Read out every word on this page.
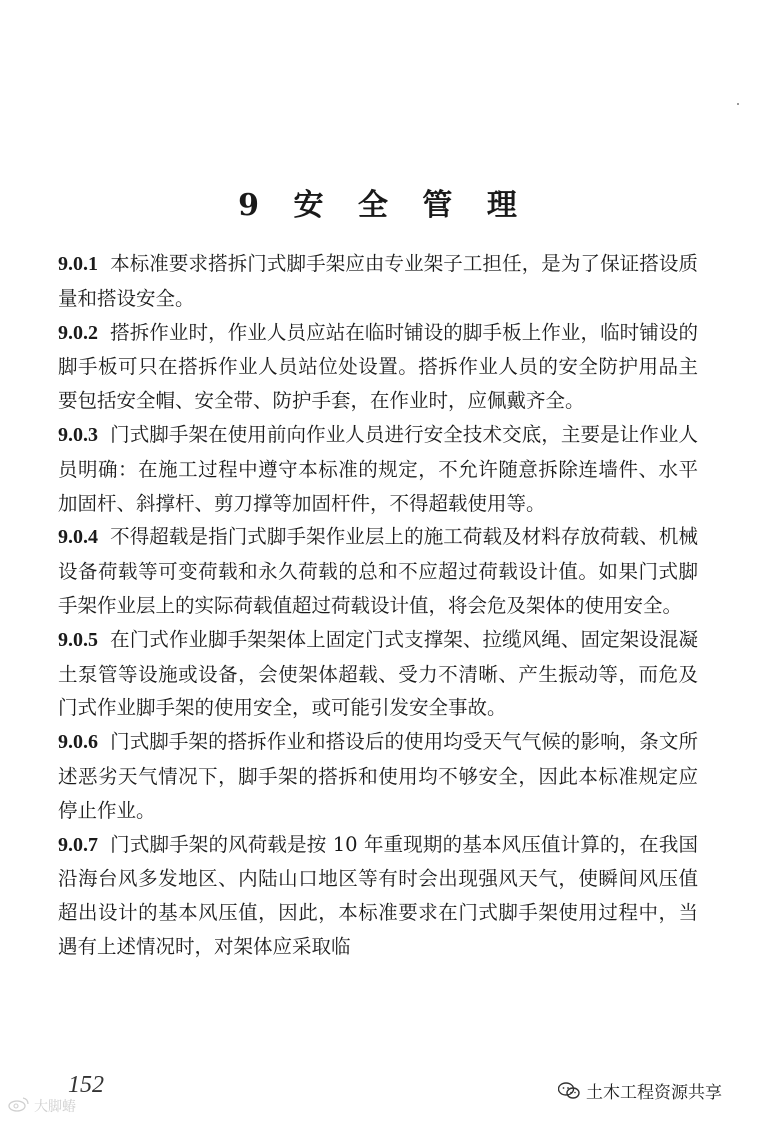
9 安 全 管 理

9.0.1 本标准要求搭拆门式脚手架应由专业架子工担任，是为了保证搭设质量和搭设安全。

9.0.2 搭拆作业时，作业人员应站在临时铺设的脚手板上作业，临时铺设的脚手板可只在搭拆作业人员站位处设置。搭拆作业人员的安全防护用品主要包括安全帽、安全带、防护手套，在作业时，应佩戴齐全。

9.0.3 门式脚手架在使用前向作业人员进行安全技术交底，主要是让作业人员明确：在施工过程中遵守本标准的规定，不允许随意拆除连墙件、水平加固杆、斜撑杆、剪刀撑等加固杆件，不得超载使用等。

9.0.4 不得超载是指门式脚手架作业层上的施工荷载及材料存放荷载、机械设备荷载等可变荷载和永久荷载的总和不应超过荷载设计值。如果门式脚手架作业层上的实际荷载值超过荷载设计值，将会危及架体的使用安全。

9.0.5 在门式作业脚手架架体上固定门式支撑架、拉缆风绳、固定架设混凝土泵管等设施或设备，会使架体超载、受力不清晰、产生振动等，而危及门式作业脚手架的使用安全，或可能引发安全事故。

9.0.6 门式脚手架的搭拆作业和搭设后的使用均受天气气候的影响，条文所述恶劣天气情况下，脚手架的搭拆和使用均不够安全，因此本标准规定应停止作业。

9.0.7 门式脚手架的风荷载是按 10 年重现期的基本风压值计算的，在我国沿海台风多发地区、内陆山口地区等有时会出现强风天气，使瞬间风压值超出设计的基本风压值，因此，本标准要求在门式脚手架使用过程中，当遇有上述情况时，对架体应采取临

152	土木工程资源共享
大脚蝽
